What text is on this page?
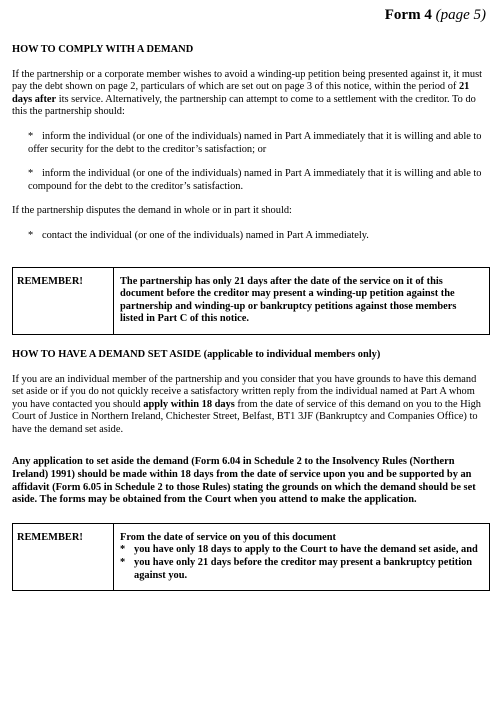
Form 4 (page 5)

HOW TO COMPLY WITH A DEMAND

If the partnership or a corporate member wishes to avoid a winding-up petition being presented against it, it must pay the debt shown on page 2, particulars of which are set out on page 3 of this notice, within the period of 21 days after its service. Alternatively, the partnership can attempt to come to a settlement with the creditor. To do this the partnership should:

* inform the individual (or one of the individuals) named in Part A immediately that it is willing and able to offer security for the debt to the creditor’s satisfaction; or

* inform the individual (or one of the individuals) named in Part A immediately that it is willing and able to compound for the debt to the creditor’s satisfaction.

If the partnership disputes the demand in whole or in part it should:

* contact the individual (or one of the individuals) named in Part A immediately.

REMEMBER!	The partnership has only 21 days after the date of the service on it of this document before the creditor may present a winding-up petition against the partnership and winding-up or bankruptcy petitions against those members listed in Part C of this notice.

HOW TO HAVE A DEMAND SET ASIDE (applicable to individual members only)

If you are an individual member of the partnership and you consider that you have grounds to have this demand set aside or if you do not quickly receive a satisfactory written reply from the individual named at Part A whom you have contacted you should apply within 18 days from the date of service of this demand on you to the High Court of Justice in Northern Ireland, Chichester Street, Belfast, BT1 3JF (Bankruptcy and Companies Office) to have the demand set aside.

Any application to set aside the demand (Form 6.04 in Schedule 2 to the Insolvency Rules (Northern Ireland) 1991) should be made within 18 days from the date of service upon you and be supported by an affidavit (Form 6.05 in Schedule 2 to those Rules) stating the grounds on which the demand should be set aside. The forms may be obtained from the Court when you attend to make the application.

REMEMBER!	From the date of service on you of this document
* you have only 18 days to apply to the Court to have the demand set aside, and
* you have only 21 days before the creditor may present a bankruptcy petition against you.
